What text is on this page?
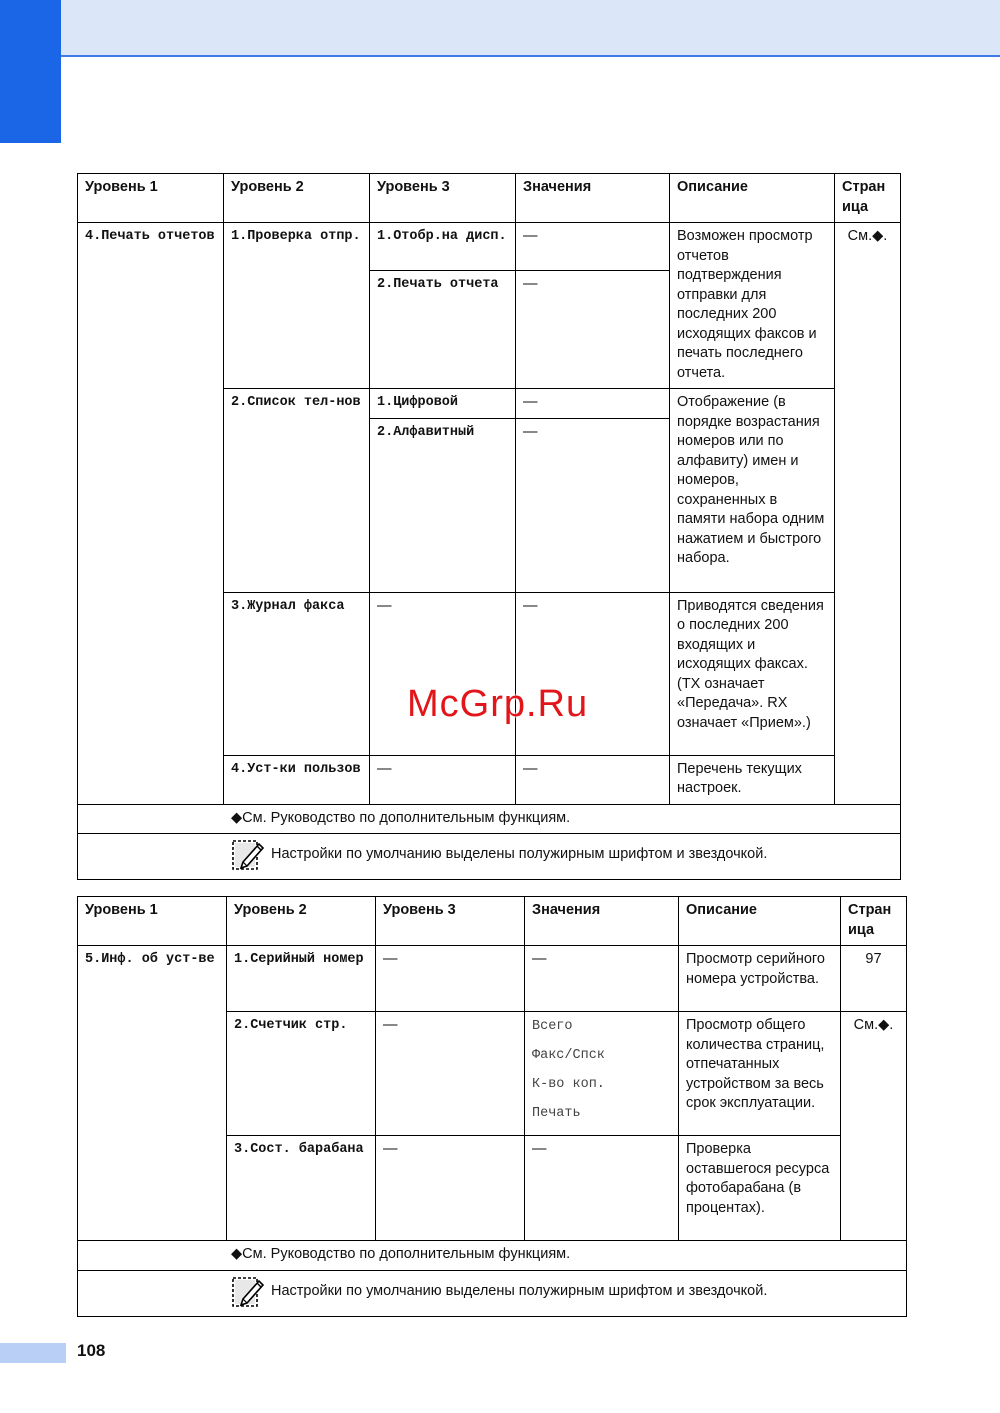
Уровень 1	Уровень 2	Уровень 3	Значения	Описание	Стран ица
4.Печать отчетов	1.Проверка отпр.	1.Отобр.на дисп.	—	Возможен просмотр отчетов подтверждения отправки для последних 200 исходящих факсов и печать последнего отчета.	См.◆.
		2.Печать отчета	—		
	2.Список тел-нов	1.Цифровой	—	Отображение (в порядке возрастания номеров или по алфавиту) имен и номеров, сохраненных в памяти набора одним нажатием и быстрого набора.	
		2.Алфавитный	—		
	3.Журнал факса	—	—	Приводятся сведения о последних 200 входящих и исходящих факсах. (TX означает «Передача». RX означает «Прием».)	
	4.Уст-ки пользов	—	—	Перечень текущих настроек.	

◆См. Руководство по дополнительным функциям.					

Настройки по умолчанию выделены полужирным шрифтом и звездочкой.					
Уровень 1	Уровень 2	Уровень 3	Значения	Описание	Стран ица
5.Инф. об уст-ве	1.Серийный номер	—	—	Просмотр серийного номера устройства.	97
	2.Счетчик стр.	—	Всего
Факс/Спск
К-во коп.
Печать	Просмотр общего количества страниц, отпечатанных устройством за весь срок эксплуатации.	См.◆.
	3.Сост. барабана	—	—	Проверка оставшегося ресурса фотобарабана (в процентах).	

◆См. Руководство по дополнительным функциям.					

Настройки по умолчанию выделены полужирным шрифтом и звездочкой.					
McGrp.Ru
108
